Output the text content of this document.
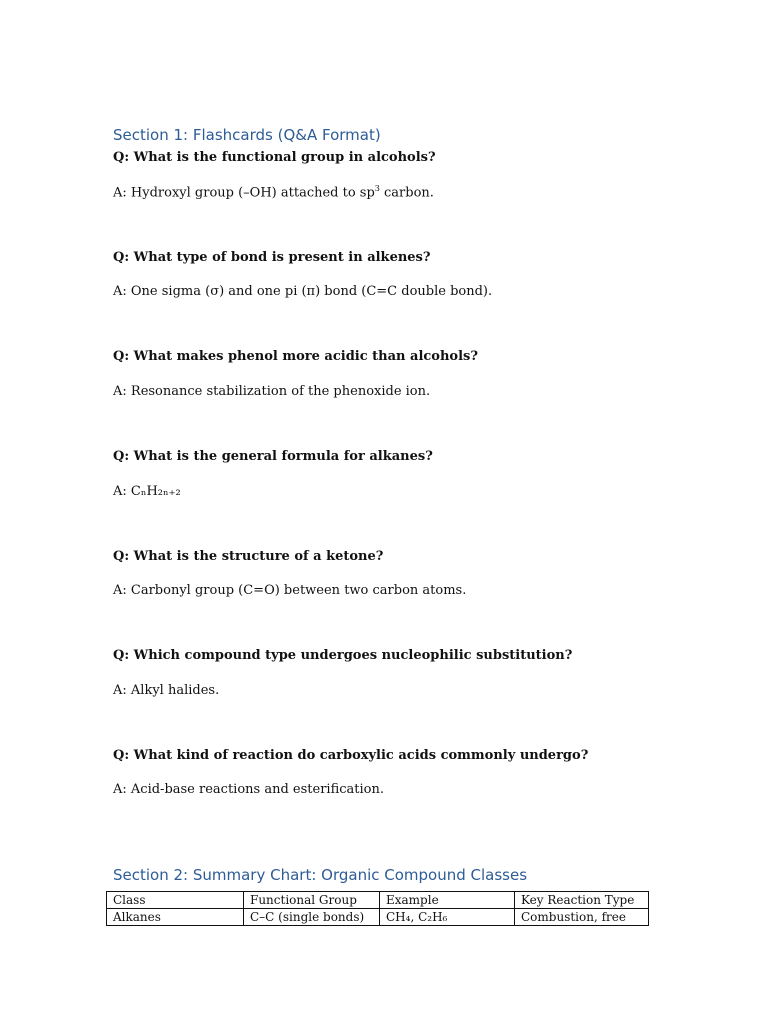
Section 1: Flashcards (Q&A Format)
Q: What is the functional group in alcohols?
A: Hydroxyl group (–OH) attached to $sp^3$ carbon.
Q: What type of bond is present in alkenes?
A: One sigma (σ) and one pi (π) bond (C=C double bond).
Q: What makes phenol more acidic than alcohols?
A: Resonance stabilization of the phenoxide ion.
Q: What is the general formula for alkanes?
A: CₙH₂ₙ₊₂
Q: What is the structure of a ketone?
A: Carbonyl group (C=O) between two carbon atoms.
Q: Which compound type undergoes nucleophilic substitution?
A: Alkyl halides.
Q: What kind of reaction do carboxylic acids commonly undergo?
A: Acid-base reactions and esterification.
Section 2: Summary Chart: Organic Compound Classes
Class	Functional Group	Example	Key Reaction Type
Alkanes	C–C (single bonds)	CH₄, C₂H₆	Combustion, free
